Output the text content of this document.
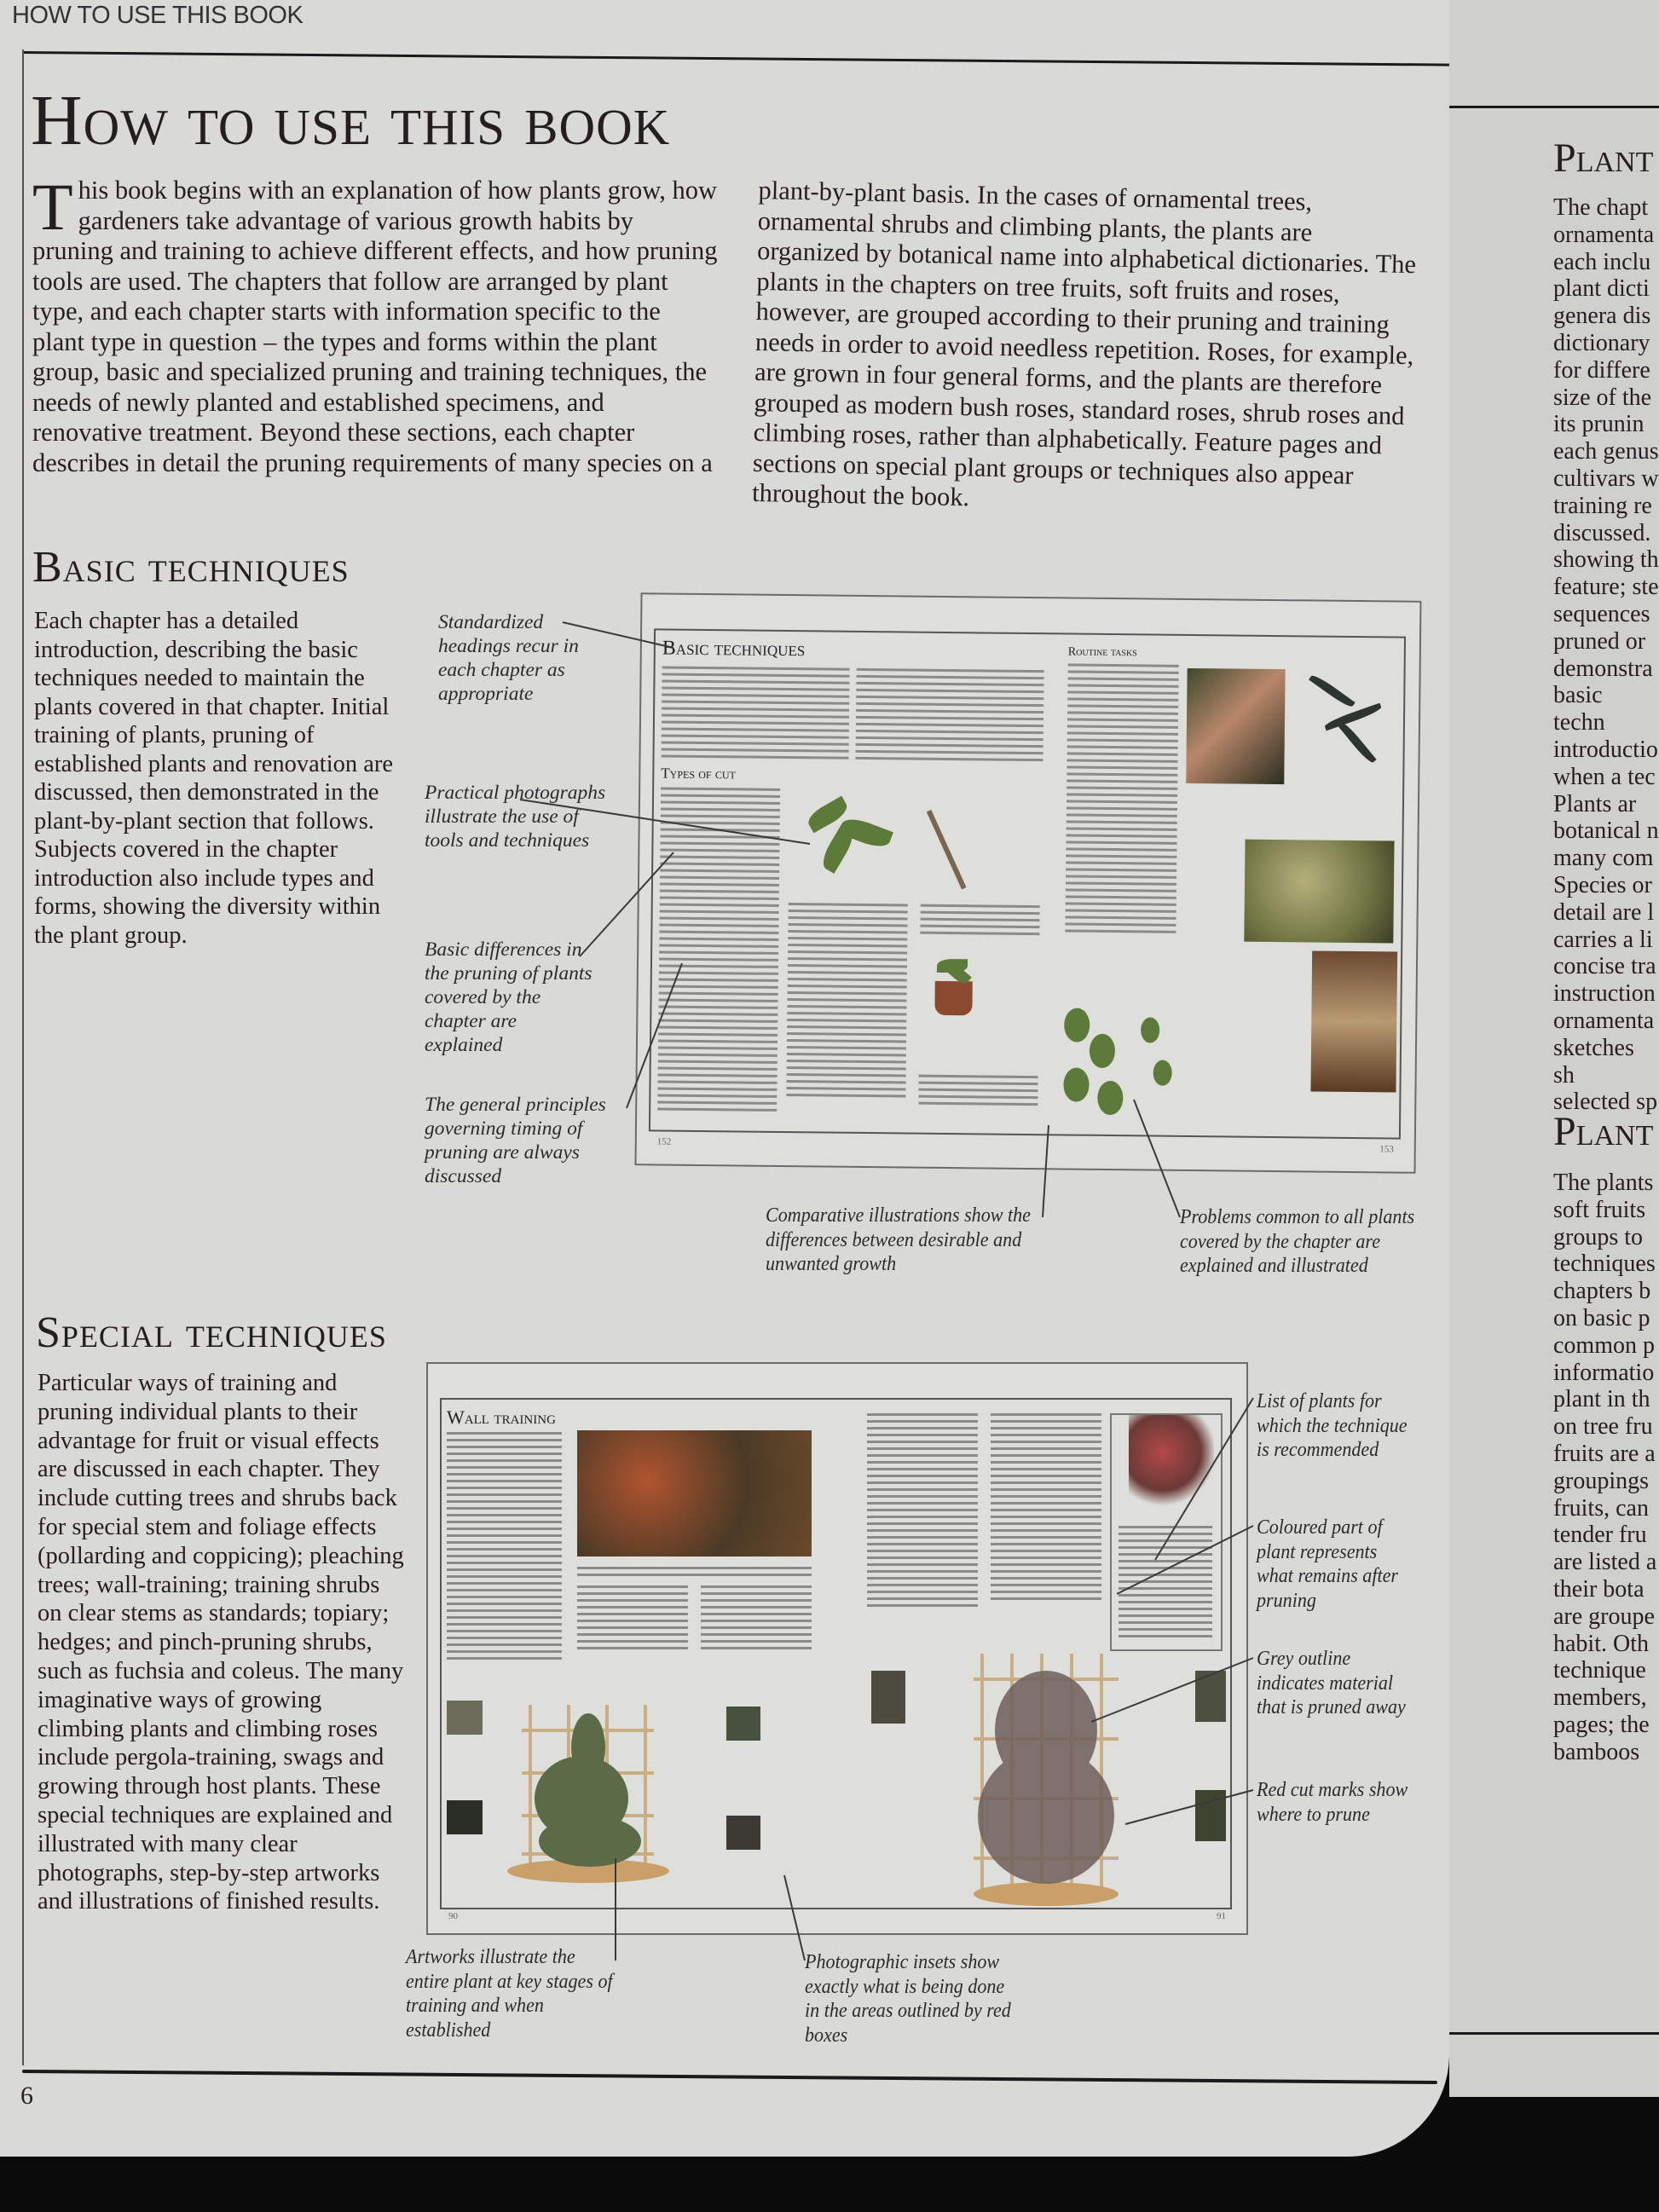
HOW TO USE THIS BOOK
How to use this book
This book begins with an explanation of how plants grow, how gardeners take advantage of various growth habits by pruning and training to achieve different effects, and how pruning tools are used. The chapters that follow are arranged by plant type, and each chapter starts with information specific to the plant type in question – the types and forms within the plant group, basic and specialized pruning and training techniques, the needs of newly planted and established specimens, and renovative treatment. Beyond these sections, each chapter describes in detail the pruning requirements of many species on a
plant-by-plant basis. In the cases of ornamental trees, ornamental shrubs and climbing plants, the plants are organized by botanical name into alphabetical dictionaries. The plants in the chapters on tree fruits, soft fruits and roses, however, are grouped according to their pruning and training needs in order to avoid needless repetition. Roses, for example, are grown in four general forms, and the plants are therefore grouped as modern bush roses, standard roses, shrub roses and climbing roses, rather than alphabetically. Feature pages and sections on special plant groups or techniques also appear throughout the book.
Basic techniques
Each chapter has a detailed introduction, describing the basic techniques needed to maintain the plants covered in that chapter. Initial training of plants, pruning of established plants and renovation are discussed, then demonstrated in the plant-by-plant section that follows. Subjects covered in the chapter introduction also include types and forms, showing the diversity within the plant group.
Standardized headings recur in each chapter as appropriate
Practical photographs illustrate the use of tools and techniques
Basic differences in the pruning of plants covered by the chapter are explained
The general principles governing timing of pruning are always discussed
Comparative illustrations show the differences between desirable and unwanted growth
Problems common to all plants covered by the chapter are explained and illustrated
Basic techniques
Types of cut
Routine tasks
152
153
Special techniques
Particular ways of training and pruning individual plants to their advantage for fruit or visual effects are discussed in each chapter. They include cutting trees and shrubs back for special stem and foliage effects (pollarding and coppicing); pleaching trees; wall-training; training shrubs on clear stems as standards; topiary; hedges; and pinch-pruning shrubs, such as fuchsia and coleus. The many imaginative ways of growing climbing plants and climbing roses include pergola-training, swags and growing through host plants. These special techniques are explained and illustrated with many clear photographs, step-by-step artworks and illustrations of finished results.
Wall training
90	91
List of plants for which the technique is recommended
Coloured part of plant represents what remains after pruning
Grey outline indicates material that is pruned away
Red cut marks show where to prune
Artworks illustrate the entire plant at key stages of training and when established
Photographic insets show exactly what is being done in the areas outlined by red boxes
6
Plant
The chapt
ornamenta
each inclu
plant dicti
genera dis
dictionary
for differe
size of the
its prunin
each genus
cultivars w
training re
discussed.
showing th
feature; ste
sequences
pruned or
demonstra
basic techn
introductio
when a tec
Plants ar
botanical n
many com
Species or
detail are l
carries a li
concise tra
instruction
ornamenta
sketches sh
selected sp
Plant
The plants
soft fruits
groups to
techniques
chapters b
on basic p
common p
informatio
plant in th
on tree fru
fruits are a
groupings
fruits, can
tender fru
are listed a
their bota
are groupe
habit. Oth
technique
members,
pages; the
bamboos
